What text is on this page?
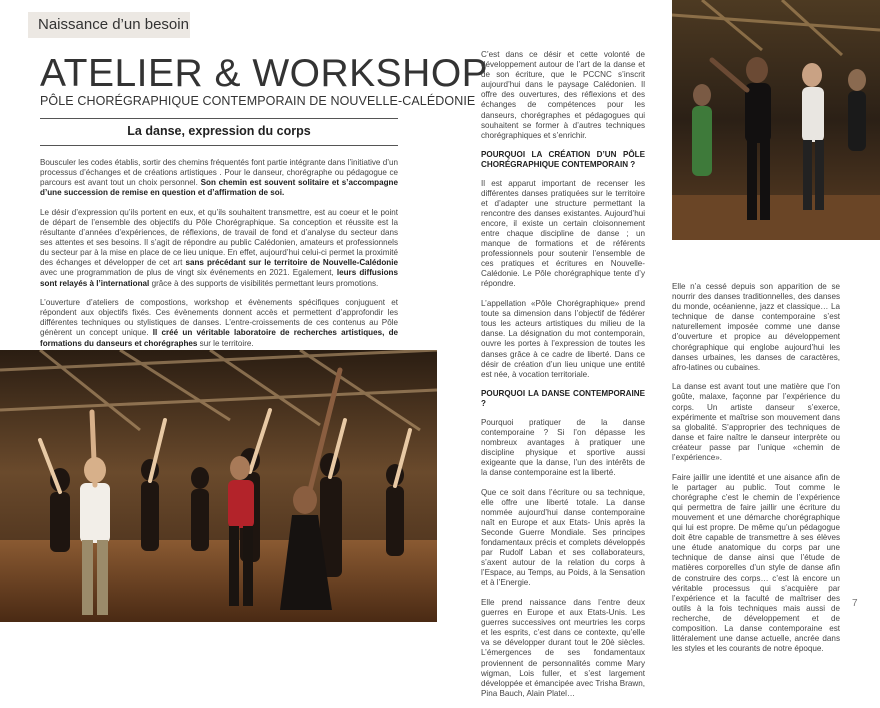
Naissance d’un besoin
ATELIER & WORKSHOP
PÔLE CHORÉGRAPHIQUE CONTEMPORAIN DE NOUVELLE-CALÉDONIE
La danse, expression du corps

Bousculer les codes établis, sortir des chemins fréquentés font partie intégrante dans l’initiative d’un processus d’échanges et de créations artistiques . Pour le danseur, chorégraphe ou pédagogue ce parcours est avant tout un choix personnel. Son chemin est souvent solitaire et s’accompagne d’une succession de remise en question et d’affirmation de soi.

Le désir d’expression qu’ils portent en eux, et qu’ils souhaitent transmettre, est au coeur et le point de départ de l’ensemble des objectifs du Pôle Chorégraphique. Sa conception et réussite est la résultante d’années d’expériences, de réflexions, de travail de fond et d’analyse du secteur dans ses attentes et ses besoins. Il s’agit de répondre au public Calédonien, amateurs et professionnels du secteur par à la mise en place de ce lieu unique. En effet, aujourd’hui celui-ci permet la proximité des échanges et développer de cet art sans précédant sur le territoire de Nouvelle-Calédonie avec une programmation de plus de vingt six événements en 2021. Egalement, leurs diffusions sont relayés à l’international grâce à des supports de visibilités permettant leurs promotions.

L’ouverture d’ateliers de compostions, workshop et évènements spécifiques conjuguent et répondent aux objectifs fixés. Ces évènements donnent accès et permettent d’approfondir les différentes techniques ou stylistiques de danses. L’entre-croissements de ces contenus au Pôle génèrent un concept unique. Il créé un véritable laboratoire de recherches artistiques, de formations du danseurs et chorégraphes sur le territoire.

C’est dans ce désir et cette volonté de développement autour de l’art de la danse et de son écriture, que le PCCNC s’inscrit aujourd’hui dans le paysage Calédonien. Il offre des ouvertures, des réflexions et des échanges de compétences pour les danseurs, chorégraphes et pédagogues qui souhaitent se former à d’autres techniques chorégraphiques et s’enrichir.

POURQUOI LA CRÉATION D’UN PÔLE CHORÉGRAPHIQUE CONTEMPORAIN ?

Il est apparut important de recenser les différentes danses pratiquées sur le territoire et d’adapter une structure permettant la rencontre des danses existantes. Aujourd’hui encore, il existe un certain cloisonnement entre chaque discipline de danse ; un manque de formations et de référents professionnels pour soutenir l’ensemble de ces pratiques et écritures en Nouvelle-Calédonie. Le Pôle chorégraphique tente d’y répondre.

L’appellation «Pôle Chorégraphique» prend toute sa dimension dans l’objectif de fédérer tous les acteurs artistiques du milieu de la danse. La désignation du mot contemporain, ouvre les portes à l’expression de toutes les danses grâce à ce cadre de liberté. Dans ce désir de création d’un lieu unique une entité est née, à vocation territoriale.

POURQUOI LA DANSE CONTEMPORAINE ?

Pourquoi pratiquer de la danse contemporaine ? Si l’on dépasse les nombreux avantages à pratiquer une discipline physique et sportive aussi exigeante que la danse, l’un des intérêts de la danse contemporaine est la liberté.

Que ce soit dans l’écriture ou sa technique, elle offre une liberté totale. La danse nommée aujourd’hui danse contemporaine naît en Europe et aux Etats- Unis après la Seconde Guerre Mondiale. Ses principes fondamentaux précis et complets développés par Rudolf Laban et ses collaborateurs, s’axent autour de la relation du corps à l’Espace, au Temps, au Poids, à la Sensation et à l’Energie.

Elle prend naissance dans l’entre deux guerres en Europe et aux Etats-Unis. Les guerres successives ont meurtries les corps et les esprits, c’est dans ce contexte, qu’elle va se développer durant tout le 20è siècles. L’émergences de ses fondamentaux proviennent de personnalités comme Mary wigman, Lois fuller, et s’est largement développée et émancipée avec Trisha Brawn, Pina Bauch, Alain Platel…

Elle n’a cessé depuis son apparition de se nourrir des danses traditionnelles, des danses du monde, océanienne, jazz et classique… La technique de danse contemporaine s’est naturellement imposée comme une danse d’ouverture et propice au développement chorégraphique qui englobe aujourd’hui les danses urbaines, les danses de caractères, afro-latines ou cubaines.

La danse est avant tout une matière que l’on goûte, malaxe, façonne par l’expérience du corps. Un artiste danseur s’exerce, expérimente et maîtrise son mouvement dans sa globalité. S’approprier des techniques de danse et faire naître le danseur interprète ou créateur passe par l’unique «chemin de l’expérience».

Faire jaillir une identité et une aisance afin de le partager au public. Tout comme le chorégraphe c’est le chemin de l’expérience qui permettra de faire jaillir une écriture du mouvement et une démarche chorégraphique qui lui est propre. De même qu’un pédagogue doit être capable de transmettre à ses élèves une étude anatomique du corps par une technique de danse ainsi que l’étude de matières corporelles d’un style de danse afin de construire des corps… c’est là encore un véritable processus qui s’acquière par l’expérience et la faculté de maîtriser des outils à la fois techniques mais aussi de recherche, de développement et de composition. La danse contemporaine est littéralement une danse actuelle, ancrée dans les styles et les courants de notre époque.

7
